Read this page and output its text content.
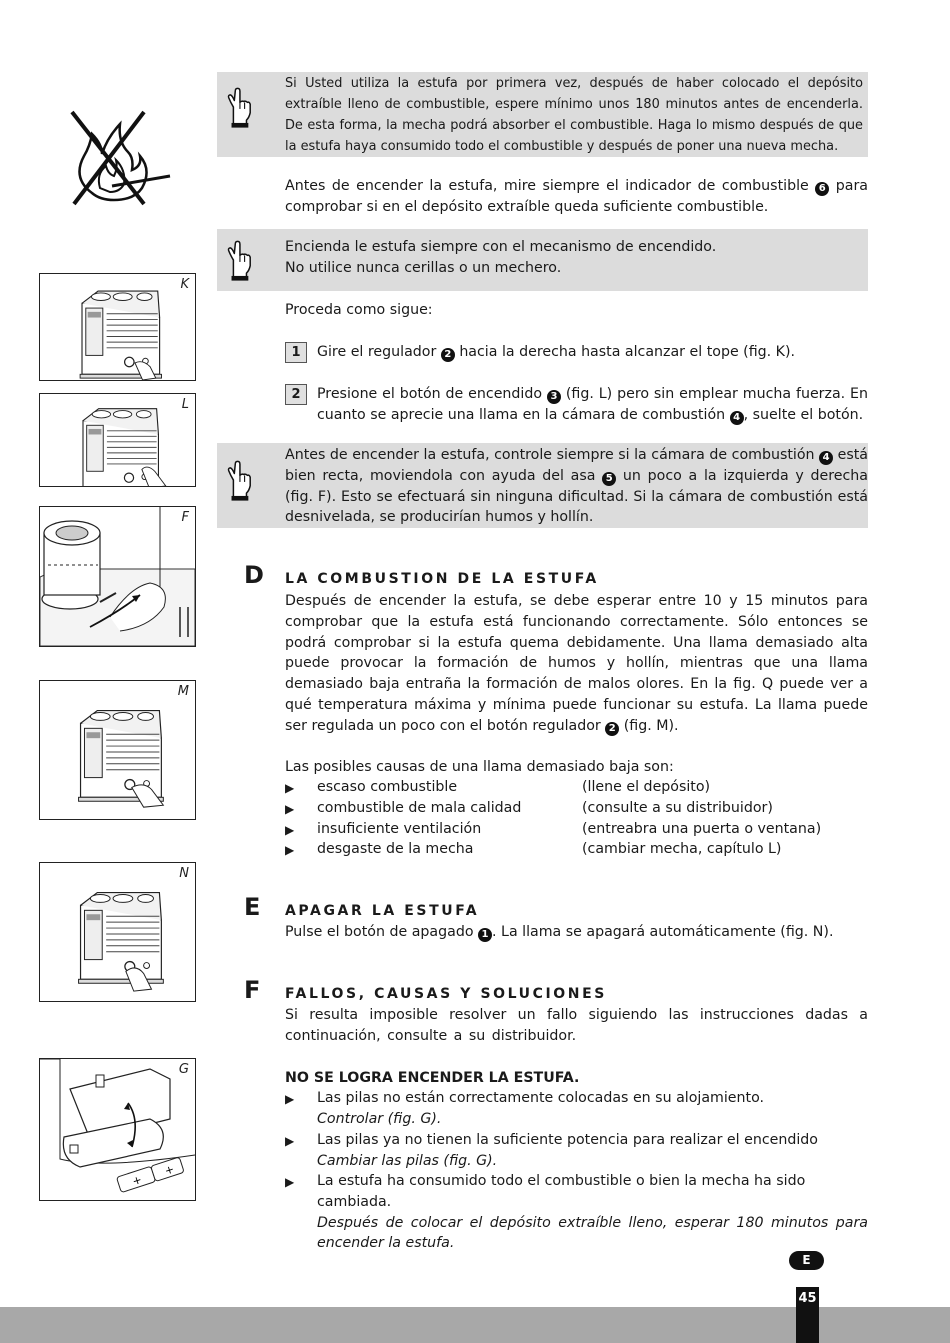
Si Usted utiliza la estufa por primera vez, después de haber colocado el depósito extraíble lleno de combustible, espere mínimo unos 180 minutos antes de encenderla. De esta forma, la mecha podrá absorber el combustible. Haga lo mismo después de que la estufa haya consumido todo el combustible y después de poner una nueva mecha.
Antes de encender la estufa, mire siempre el indicador de combustible 6 para comprobar si en el depósito extraíble queda suficiente combustible.
Encienda le estufa siempre con el mecanismo de encendido.
No utilice nunca cerillas o un mechero.
Proceda como sigue:
1	Gire el regulador 2 hacia la derecha hasta alcanzar el tope (fig. K).
2	Presione el botón de encendido 3 (fig. L) pero sin emplear mucha fuerza. En cuanto se aprecie una llama en la cámara de combustión 4 , suelte el botón.
Antes de encender la estufa, controle siempre si la cámara de combustión 4 está bien recta, moviendola con ayuda del asa 5 un poco a la izquierda y derecha (fig. F). Esto se efectuará sin ninguna dificultad. Si la cámara de combustión está desnivelada, se producirían humos y hollín.
D LA COMBUSTION DE LA ESTUFA
Después de encender la estufa, se debe esperar entre 10 y 15 minutos para comprobar que la estufa está funcionando correctamente. Sólo entonces se podrá comprobar si la estufa quema debidamente. Una llama demasiado alta puede provocar la formación de humos y hollín, mientras que una llama demasiado baja entraña la formación de malos olores. En la fig. Q puede ver a qué temperatura máxima y mínima puede funcionar su estufa. La llama puede ser regulada un poco con el botón regulador 2 (fig. M).
Las posibles causas de una llama demasiado baja son:
▶ escaso combustible	(llene el depósito)
▶ combustible de mala calidad	(consulte a su distribuidor)
▶ insuficiente ventilación	(entreabra una puerta o ventana)
▶ desgaste de la mecha	(cambiar mecha, capítulo L)
E APAGAR LA ESTUFA
Pulse el botón de apagado 1 . La llama se apagará automáticamente (fig. N).
F FALLOS, CAUSAS Y SOLUCIONES
Si resulta imposible resolver un fallo siguiendo las instrucciones dadas a continuación, consulte a su distribuidor.
NO SE LOGRA ENCENDER LA ESTUFA.
▶ Las pilas no están correctamente colocadas en su alojamiento.
Controlar (fig. G).
▶ Las pilas ya no tienen la suficiente potencia para realizar el encendido
Cambiar las pilas (fig. G).
▶ La estufa ha consumido todo el combustible o bien la mecha ha sido cambiada.
Después de colocar el depósito extraíble lleno, esperar 180 minutos para encender la estufa.
K
L
F
M
N
G
+
+
E
45
